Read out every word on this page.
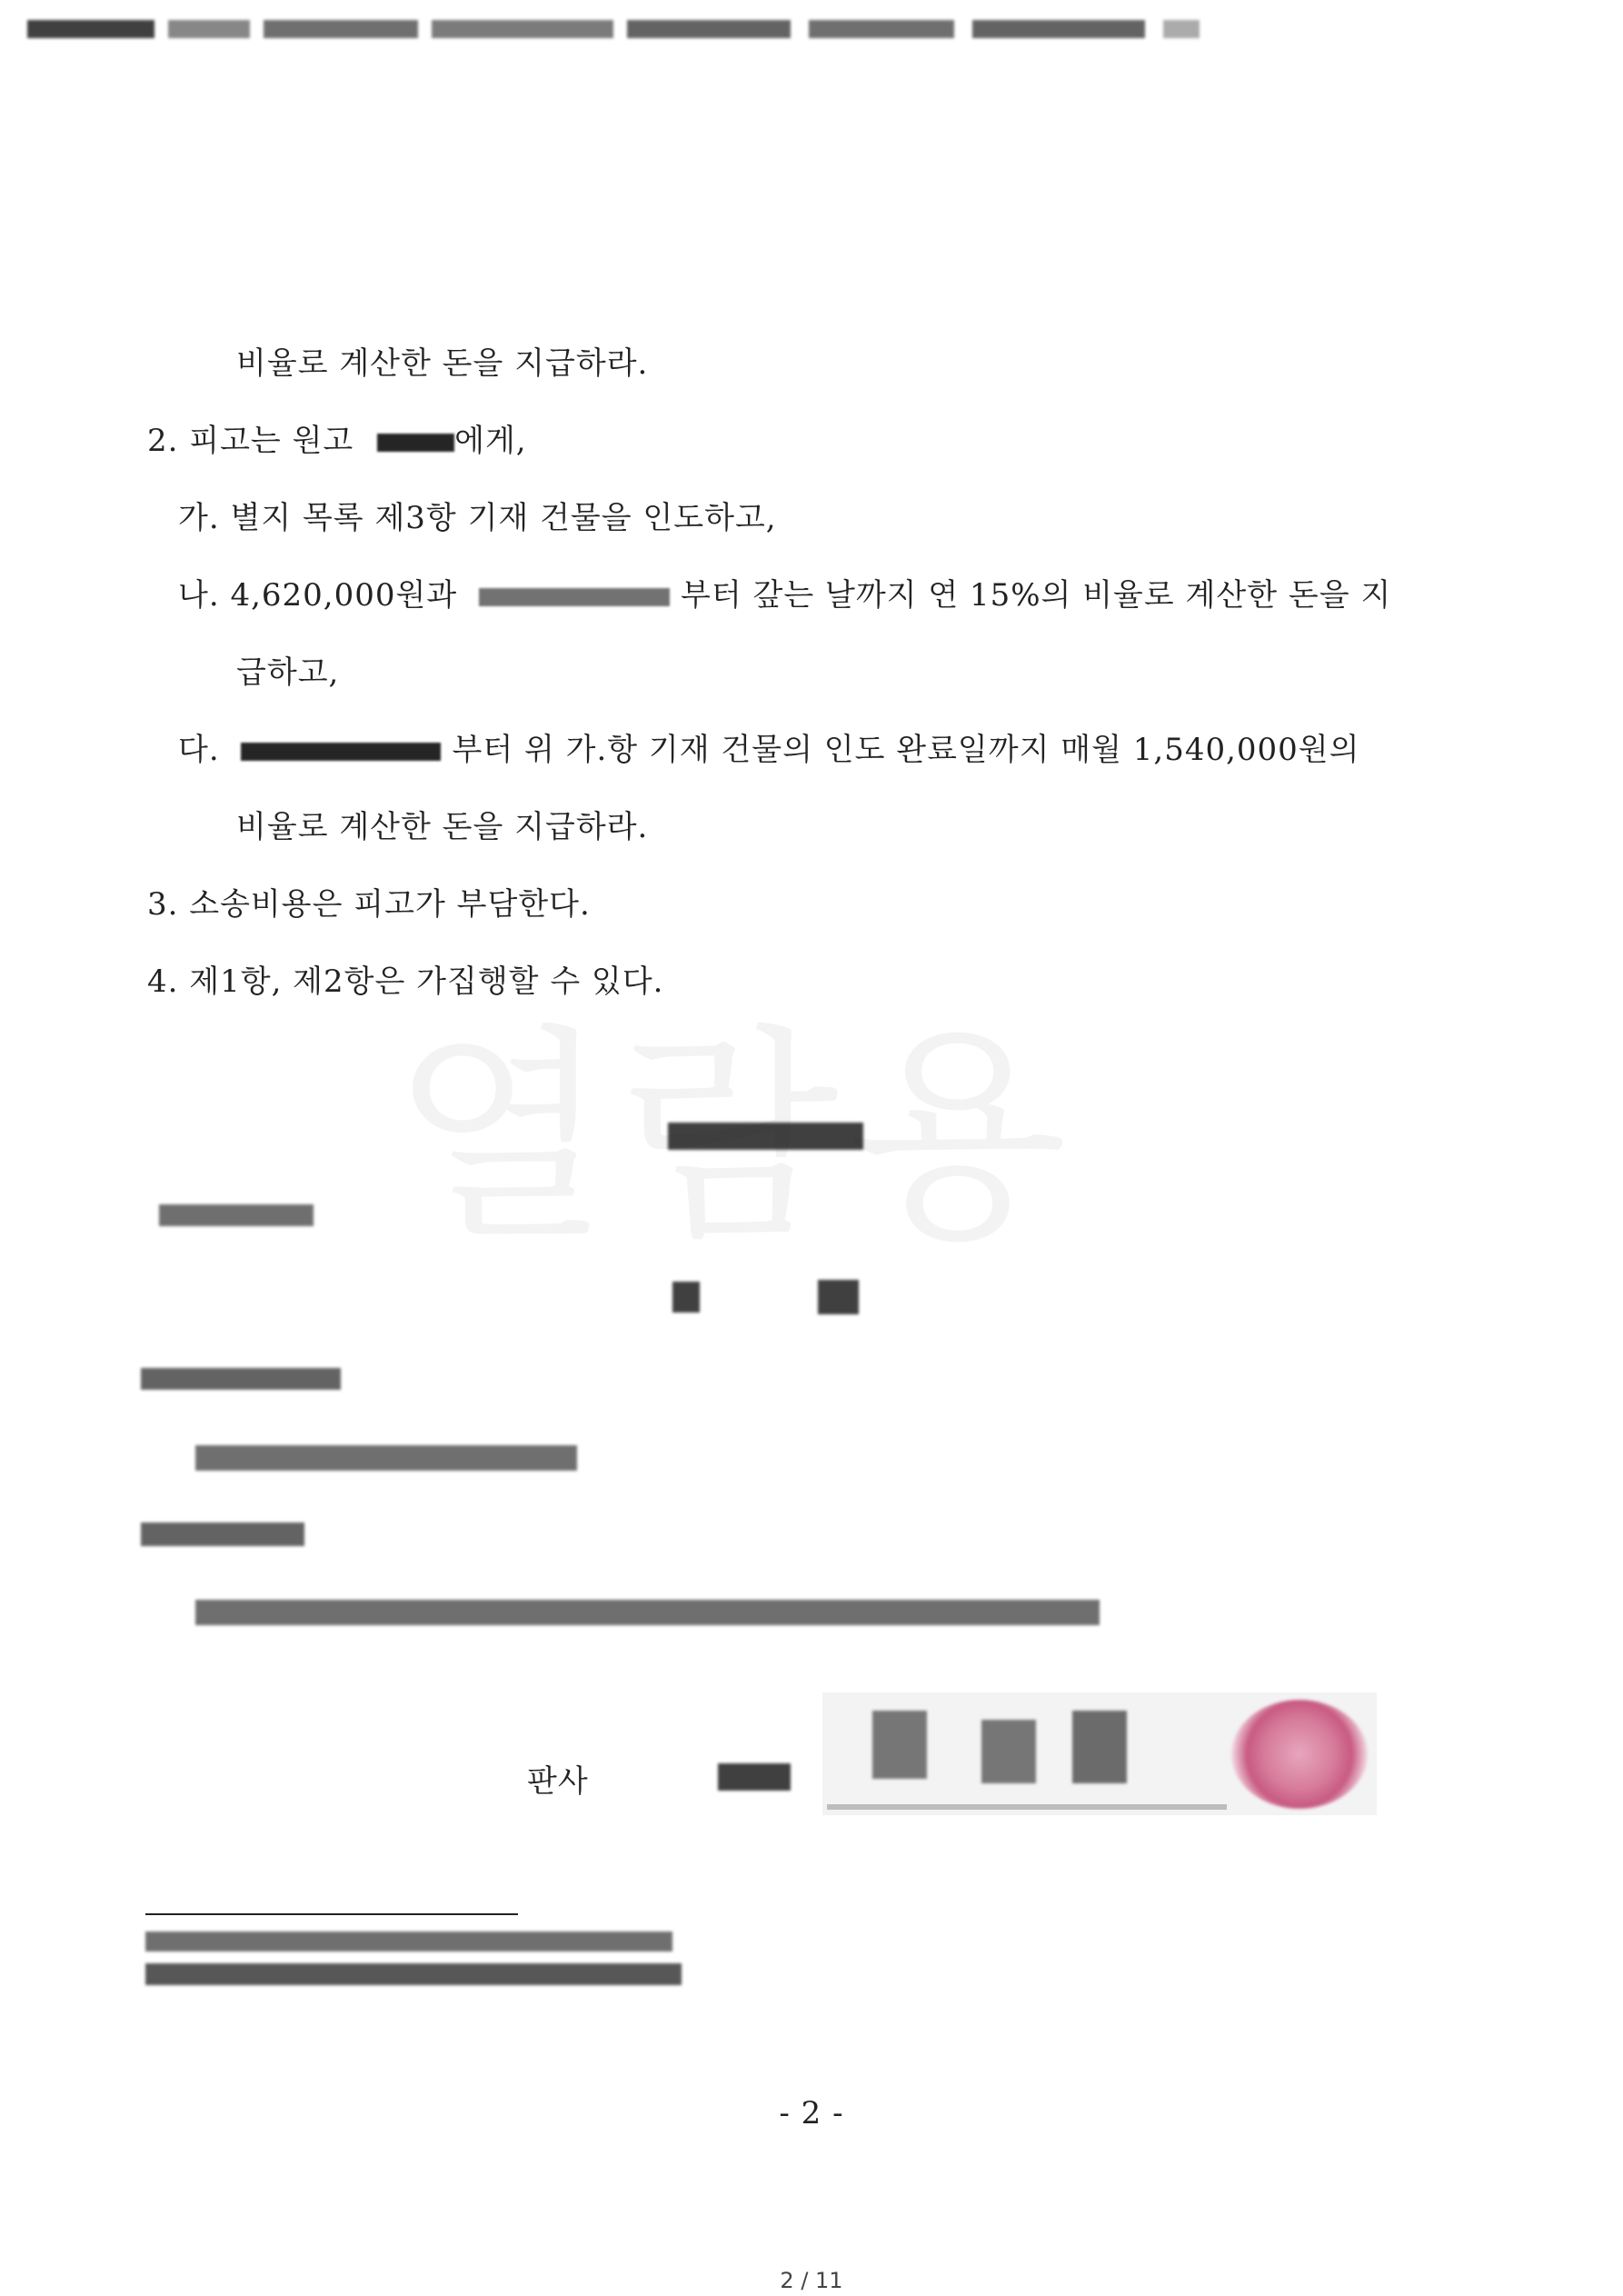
비율로 계산한 돈을 지급하라.
2. 피고는 원고	에게,
가. 별지 목록 제3항 기재 건물을 인도하고,
나. 4,620,000원과	부터 갚는 날까지 연 15%의 비율로 계산한 돈을 지
급하고,
다.	부터 위 가.항 기재 건물의 인도 완료일까지 매월 1,540,000원의
비율로 계산한 돈을 지급하라.
3. 소송비용은 피고가 부담한다.
4. 제1항, 제2항은 가집행할 수 있다.
판사
- 2 -
2 / 11
